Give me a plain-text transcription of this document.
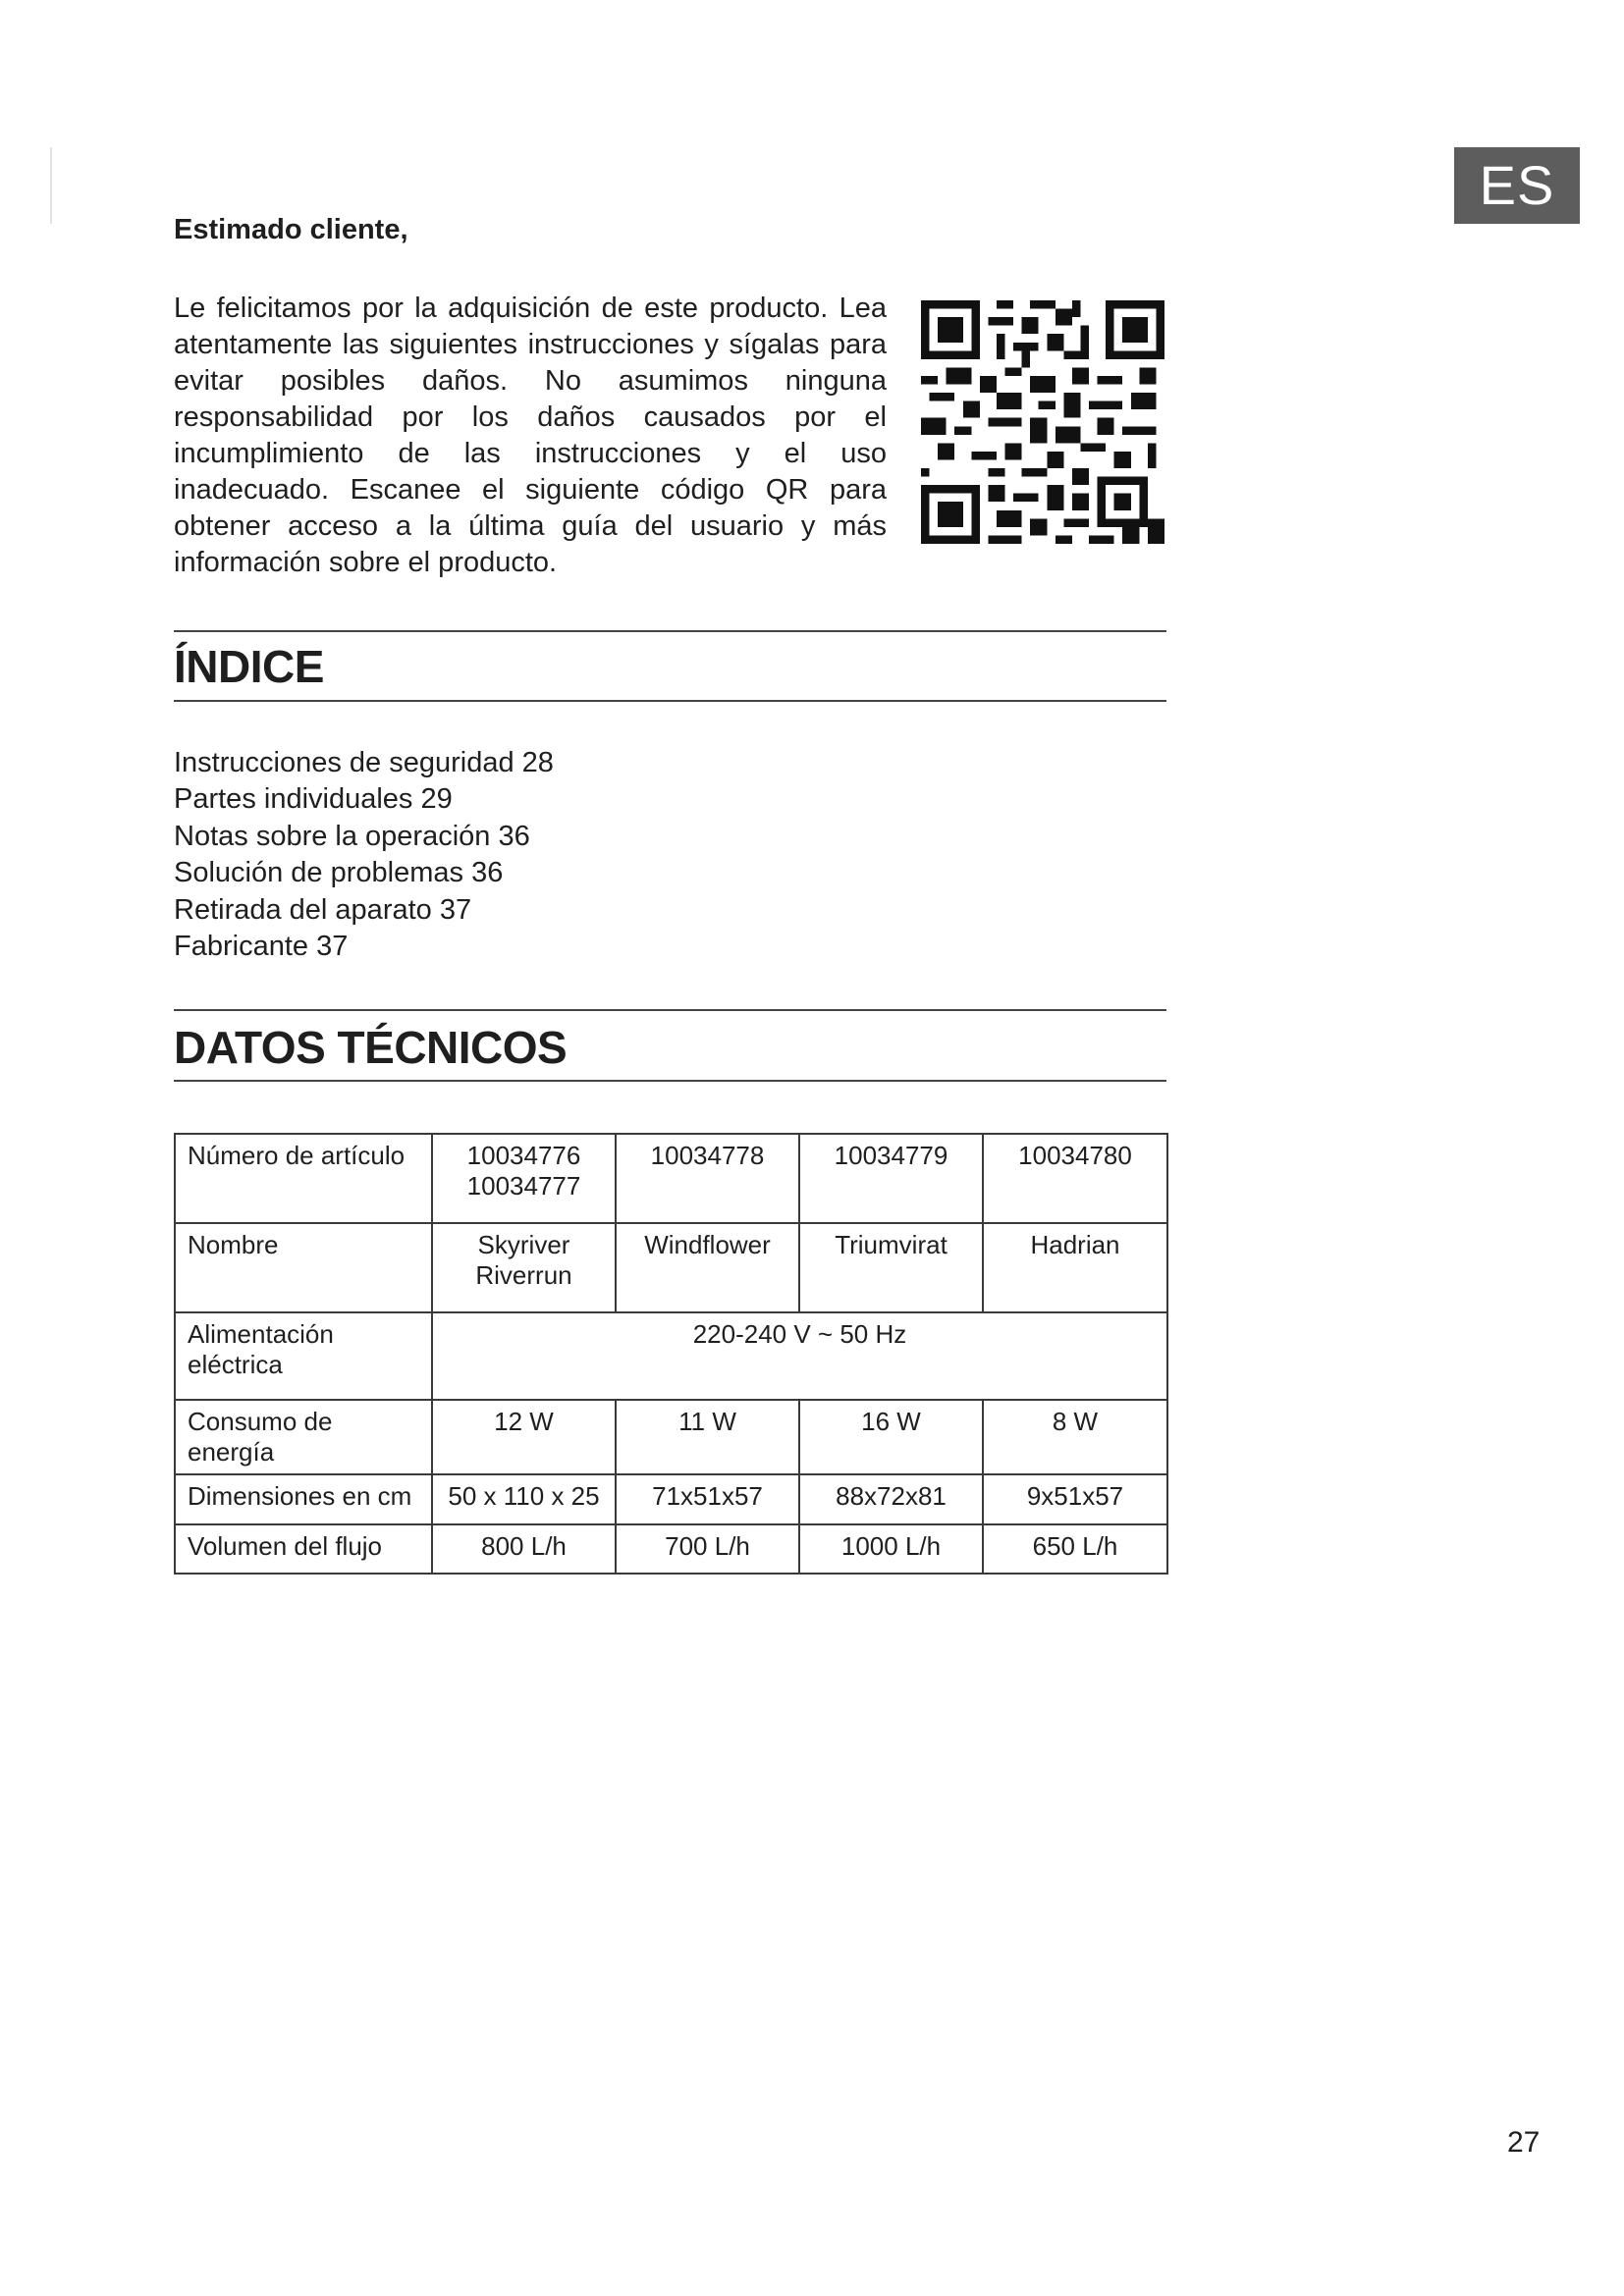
ES
Estimado cliente,

Le felicitamos por la adquisición de este producto. Lea atentamente las siguientes instrucciones y sígalas para evitar posibles daños. No asumimos ninguna responsabilidad por los daños causados por el incumplimiento de las instrucciones y el uso inadecuado. Escanee el siguiente código QR para obtener acceso a la última guía del usuario y más información sobre el producto.

ÍNDICE
Instrucciones de seguridad 28
Partes individuales 29
Notas sobre la operación 36
Solución de problemas 36
Retirada del aparato 37
Fabricante 37
DATOS TÉCNICOS
Número de artículo	10034776 10034777	10034778	10034779	10034780
Nombre	Skyriver Riverrun	Windflower	Triumvirat	Hadrian
Alimentación eléctrica	220-240 V ~ 50 Hz			
Consumo de energía	12 W	11 W	16 W	8 W
Dimensiones en cm	50 x 110 x 25	71x51x57	88x72x81	9x51x57
Volumen del flujo	800 L/h	700 L/h	1000 L/h	650 L/h
27
